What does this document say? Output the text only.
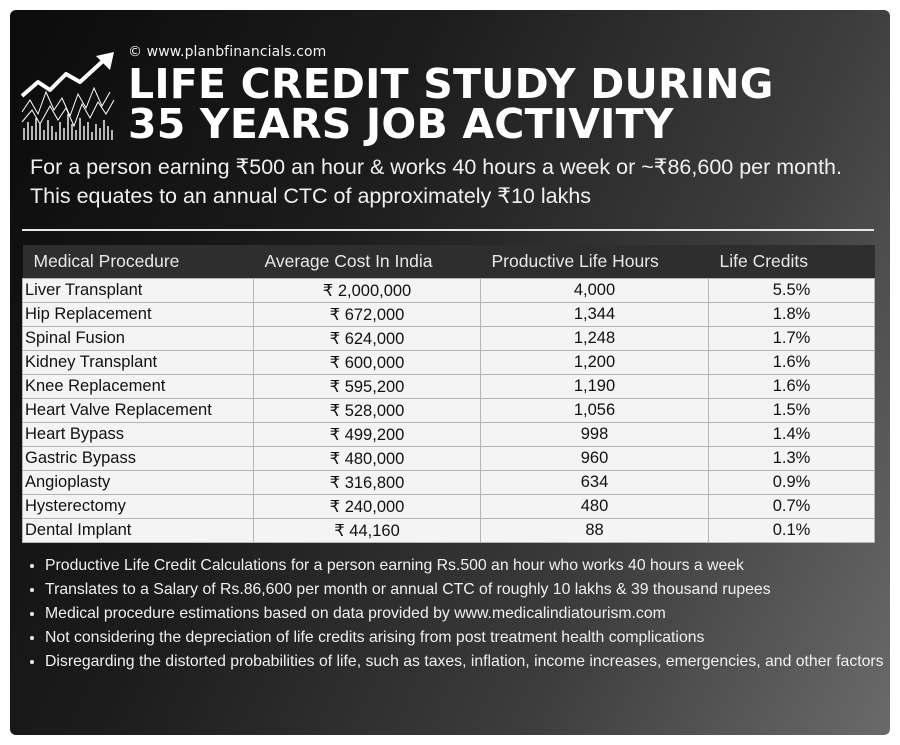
© www.planbfinancials.com
LIFE CREDIT STUDY DURING
35 YEARS JOB ACTIVITY
For a person earning ₹500 an hour & works 40 hours a week or ~₹86,600 per month. This equates to an annual CTC of approximately ₹10 lakhs
Medical Procedure	Average Cost In India	Productive Life Hours	Life Credits
Liver Transplant	₹ 2,000,000	4,000	5.5%
Hip Replacement	₹ 672,000	1,344	1.8%
Spinal Fusion	₹ 624,000	1,248	1.7%
Kidney Transplant	₹ 600,000	1,200	1.6%
Knee Replacement	₹ 595,200	1,190	1.6%
Heart Valve Replacement	₹ 528,000	1,056	1.5%
Heart Bypass	₹ 499,200	998	1.4%
Gastric Bypass	₹ 480,000	960	1.3%
Angioplasty	₹ 316,800	634	0.9%
Hysterectomy	₹ 240,000	480	0.7%
Dental Implant	₹ 44,160	88	0.1%
• Productive Life Credit Calculations for a person earning Rs.500 an hour who works 40 hours a week
• Translates to a Salary of Rs.86,600 per month or annual CTC of roughly 10 lakhs & 39 thousand rupees
• Medical procedure estimations based on data provided by www.medicalindiatourism.com
• Not considering the depreciation of life credits arising from post treatment health complications
• Disregarding the distorted probabilities of life, such as taxes, inflation, income increases, emergencies, and other factors
